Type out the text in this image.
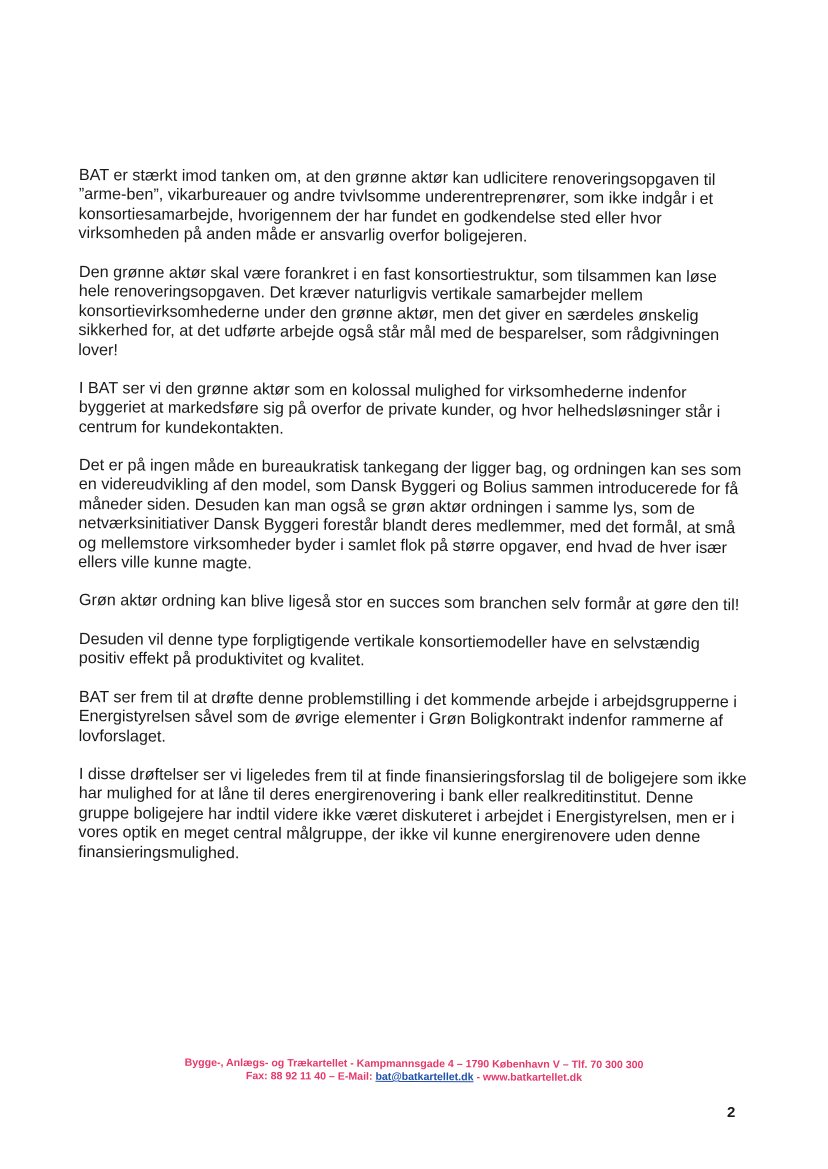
BAT er stærkt imod tanken om, at den grønne aktør kan udlicitere renoveringsopgaven til ”arme-ben”, vikarbureauer og andre tvivlsomme underentreprenører, som ikke indgår i et konsortiesamarbejde, hvorigennem der har fundet en godkendelse sted eller hvor virksomheden på anden måde er ansvarlig overfor boligejeren.

Den grønne aktør skal være forankret i en fast konsortiestruktur, som tilsammen kan løse hele renoveringsopgaven. Det kræver naturligvis vertikale samarbejder mellem konsortievirksomhederne under den grønne aktør, men det giver en særdeles ønskelig sikkerhed for, at det udførte arbejde også står mål med de besparelser, som rådgivningen lover!

I BAT ser vi den grønne aktør som en kolossal mulighed for virksomhederne indenfor byggeriet at markedsføre sig på overfor de private kunder, og hvor helhedsløsninger står i centrum for kundekontakten.

Det er på ingen måde en bureaukratisk tankegang der ligger bag, og ordningen kan ses som en videreudvikling af den model, som Dansk Byggeri og Bolius sammen introducerede for få måneder siden. Desuden kan man også se grøn aktør ordningen i samme lys, som de netværksinitiativer Dansk Byggeri forestår blandt deres medlemmer, med det formål, at små og mellemstore virksomheder byder i samlet flok på større opgaver, end hvad de hver især ellers ville kunne magte.

Grøn aktør ordning kan blive ligeså stor en succes som branchen selv formår at gøre den til!

Desuden vil denne type forpligtigende vertikale konsortiemodeller have en selvstændig positiv effekt på produktivitet og kvalitet.

BAT ser frem til at drøfte denne problemstilling i det kommende arbejde i arbejdsgrupperne i Energistyrelsen såvel som de øvrige elementer i Grøn Boligkontrakt indenfor rammerne af lovforslaget.

I disse drøftelser ser vi ligeledes frem til at finde finansieringsforslag til de boligejere som ikke har mulighed for at låne til deres energirenovering i bank eller realkreditinstitut. Denne gruppe boligejere har indtil videre ikke været diskuteret i arbejdet i Energistyrelsen, men er i vores optik en meget central målgruppe, der ikke vil kunne energirenovere uden denne finansieringsmulighed.

Bygge-, Anlægs- og Trækartellet - Kampmannsgade 4 – 1790 København V – Tlf. 70 300 300
Fax: 88 92 11 40 – E-Mail: bat@batkartellet.dk - www.batkartellet.dk
2
